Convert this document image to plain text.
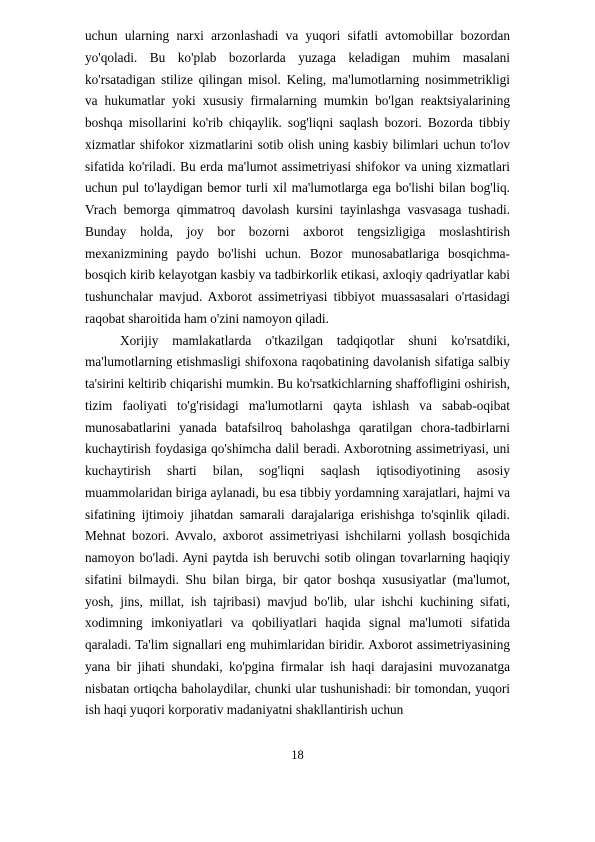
uchun ularning narxi arzonlashadi va yuqori sifatli avtomobillar bozordan yo'qoladi. Bu ko'plab bozorlarda yuzaga keladigan muhim masalani ko'rsatadigan stilize qilingan misol. Keling, ma'lumotlarning nosimmetrikligi va hukumatlar yoki xususiy firmalarning mumkin bo'lgan reaktsiyalarining boshqa misollarini ko'rib chiqaylik. sog'liqni saqlash bozori. Bozorda tibbiy xizmatlar shifokor xizmatlarini sotib olish uning kasbiy bilimlari uchun to'lov sifatida ko'riladi. Bu erda ma'lumot assimetriyasi shifokor va uning xizmatlari uchun pul to'laydigan bemor turli xil ma'lumotlarga ega bo'lishi bilan bog'liq. Vrach bemorga qimmatroq davolash kursini tayinlashga vasvasaga tushadi. Bunday holda, joy bor bozorni axborot tengsizligiga moslashtirish mexanizmining paydo bo'lishi uchun. Bozor munosabatlariga bosqichma-bosqich kirib kelayotgan kasbiy va tadbirkorlik etikasi, axloqiy qadriyatlar kabi tushunchalar mavjud. Axborot assimetriyasi tibbiyot muassasalari o'rtasidagi raqobat sharoitida ham o'zini namoyon qiladi.

Xorijiy mamlakatlarda o'tkazilgan tadqiqotlar shuni ko'rsatdiki, ma'lumotlarning etishmasligi shifoxona raqobatining davolanish sifatiga salbiy ta'sirini keltirib chiqarishi mumkin. Bu ko'rsatkichlarning shaffofligini oshirish, tizim faoliyati to'g'risidagi ma'lumotlarni qayta ishlash va sabab-oqibat munosabatlarini yanada batafsilroq baholashga qaratilgan chora-tadbirlarni kuchaytirish foydasiga qo'shimcha dalil beradi. Axborotning assimetriyasi, uni kuchaytirish sharti bilan, sog'liqni saqlash iqtisodiyotining asosiy muammolaridan biriga aylanadi, bu esa tibbiy yordamning xarajatlari, hajmi va sifatining ijtimoiy jihatdan samarali darajalariga erishishga to'sqinlik qiladi. Mehnat bozori. Avvalo, axborot assimetriyasi ishchilarni yollash bosqichida namoyon bo'ladi. Ayni paytda ish beruvchi sotib olingan tovarlarning haqiqiy sifatini bilmaydi. Shu bilan birga, bir qator boshqa xususiyatlar (ma'lumot, yosh, jins, millat, ish tajribasi) mavjud bo'lib, ular ishchi kuchining sifati, xodimning imkoniyatlari va qobiliyatlari haqida signal ma'lumoti sifatida qaraladi. Ta'lim signallari eng muhimlaridan biridir. Axborot assimetriyasining yana bir jihati shundaki, ko'pgina firmalar ish haqi darajasini muvozanatga nisbatan ortiqcha baholaydilar, chunki ular tushunishadi: bir tomondan, yuqori ish haqi yuqori korporativ madaniyatni shakllantirish uchun

18
